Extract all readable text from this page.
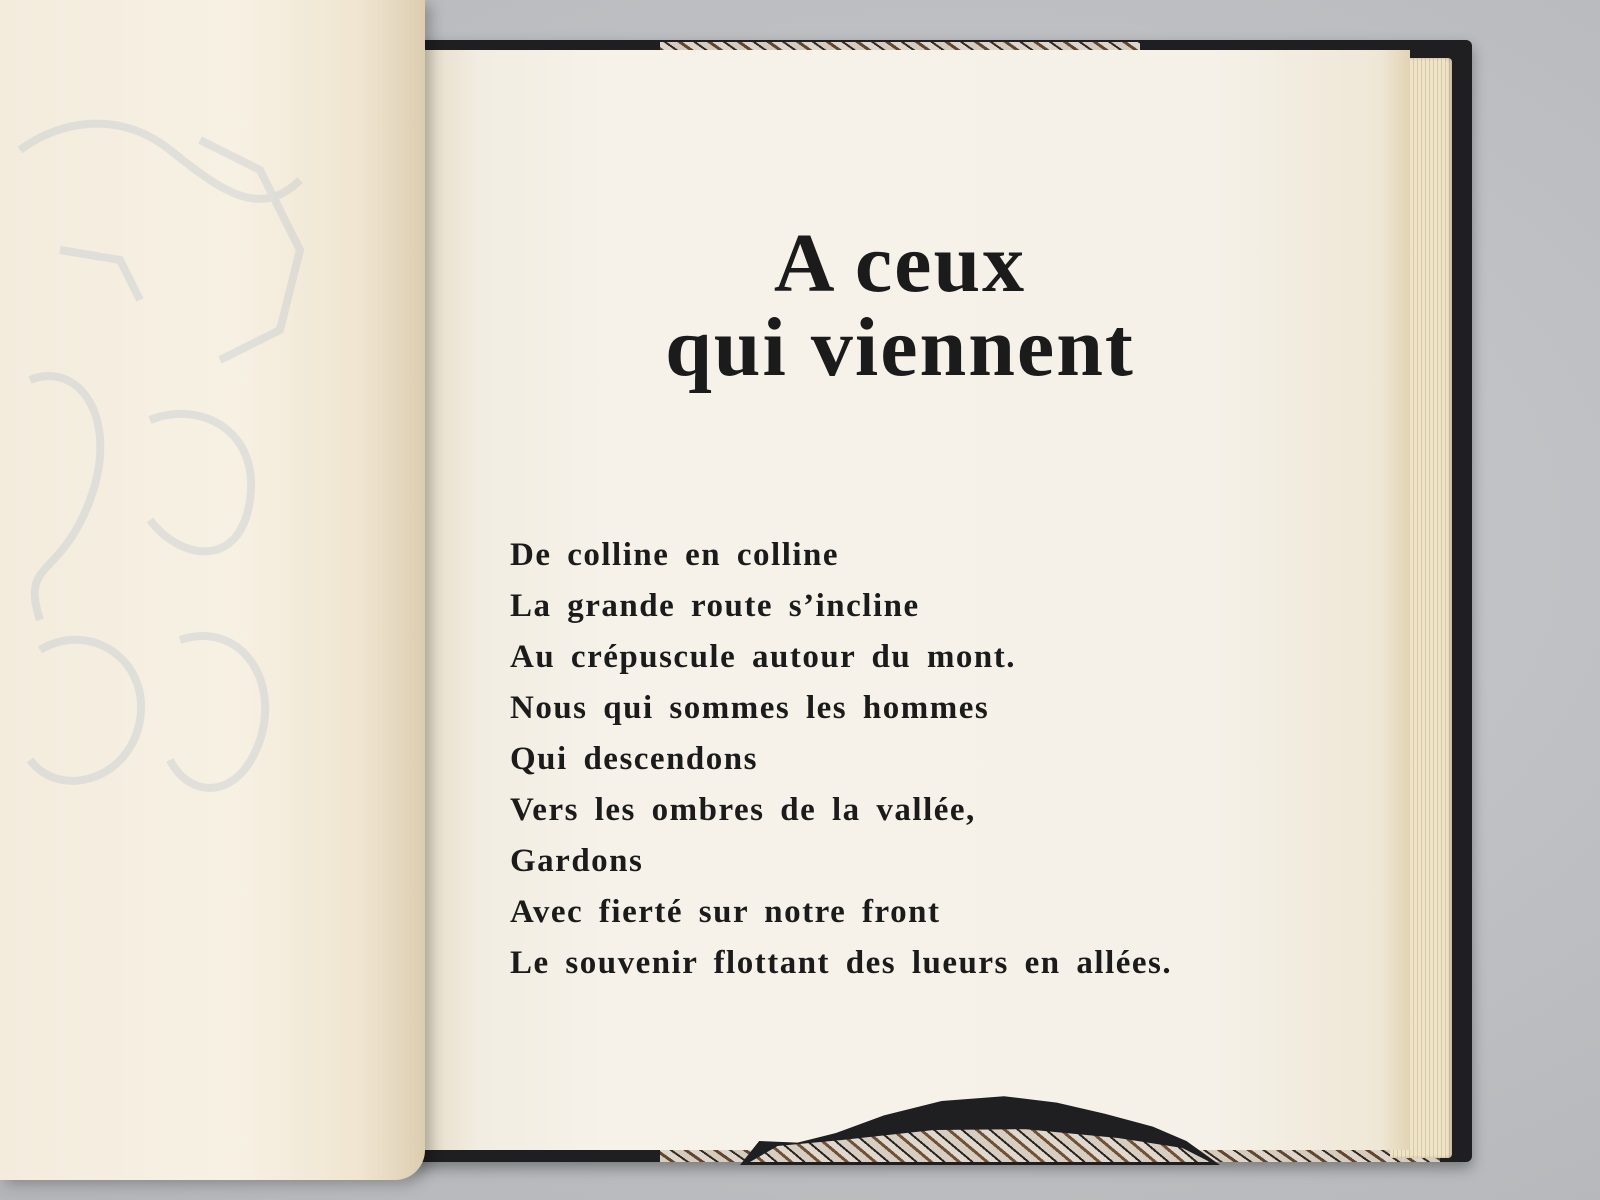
A ceux
qui viennent
De colline en colline
La grande route s’incline
Au crépuscule autour du mont.
Nous qui sommes les hommes
Qui descendons
Vers les ombres de la vallée,
Gardons
Avec fierté sur notre front
Le souvenir flottant des lueurs en allées.
